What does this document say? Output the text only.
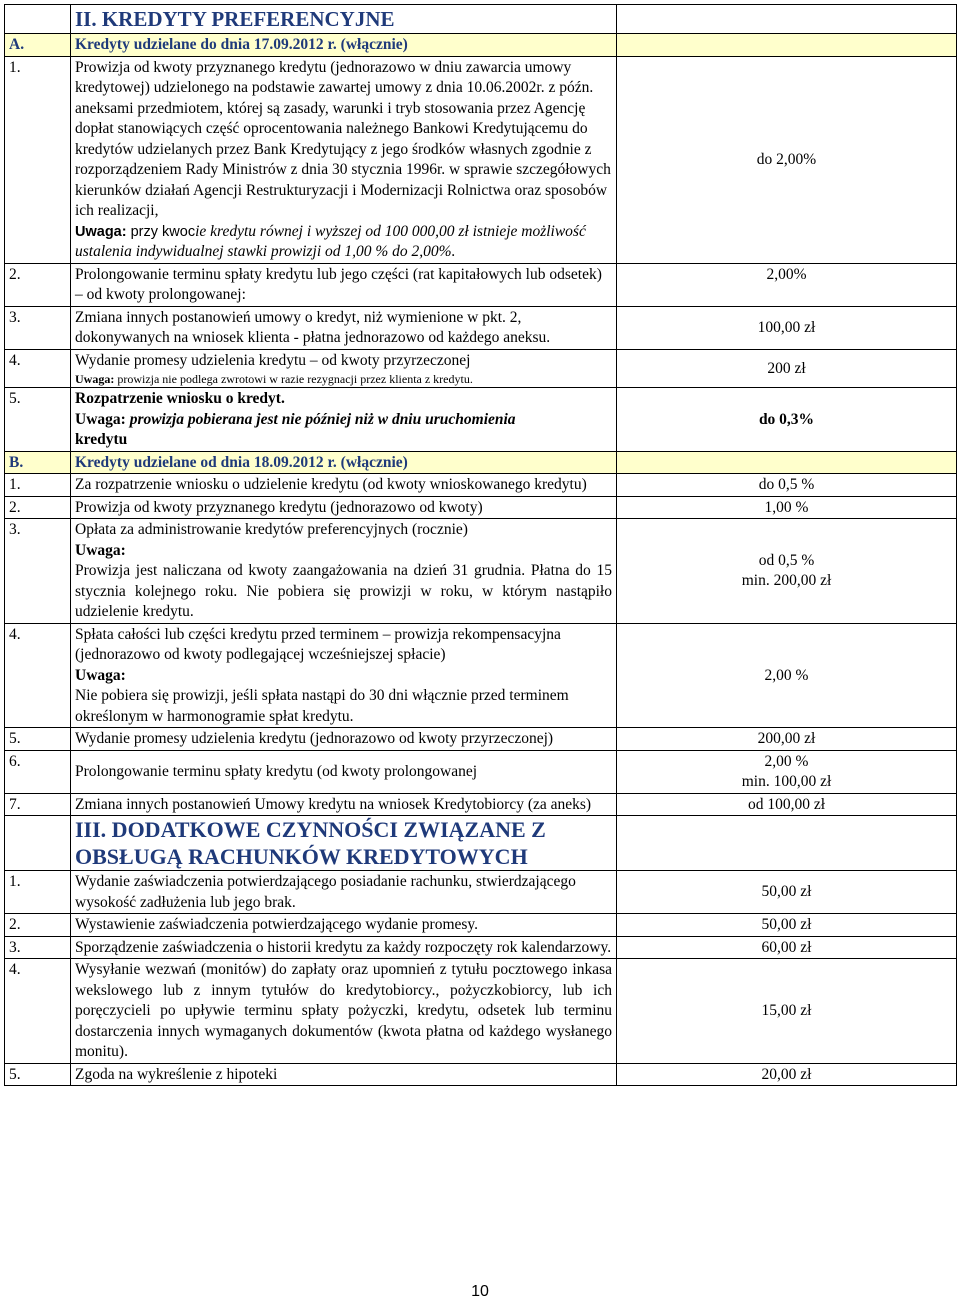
	II. KREDYTY PREFERENCYJNE	
A.	Kredyty udzielane do dnia 17.09.2012 r. (włącznie)	
1.	Prowizja od kwoty przyznanego kredytu (jednorazowo w dniu zawarcia umowy kredytowej) udzielonego na podstawie zawartej umowy z dnia 10.06.2002r. z późn. aneksami przedmiotem, której są zasady, warunki i tryb stosowania przez Agencję dopłat stanowiących część oprocentowania należnego Bankowi Kredytującemu do kredytów udzielanych przez Bank Kredytujący z jego środków własnych zgodnie z rozporządzeniem Rady Ministrów z dnia 30 stycznia 1996r. w sprawie szczegółowych kierunków działań Agencji Restrukturyzacji i Modernizacji Rolnictwa oraz sposobów ich realizacji,
Uwaga: przy kwocie kredytu równej i wyższej od 100 000,00 zł istnieje możliwość ustalenia indywidualnej stawki prowizji od 1,00 % do 2,00%.	do 2,00%
2.	Prolongowanie terminu spłaty kredytu lub jego części (rat kapitałowych lub odsetek) – od kwoty prolongowanej:	2,00%
3.	Zmiana innych postanowień umowy o kredyt, niż wymienione w pkt. 2, dokonywanych na wniosek klienta - płatna jednorazowo od każdego aneksu.	100,00 zł
4.	Wydanie promesy udzielenia kredytu – od kwoty przyrzeczonej
Uwaga: prowizja nie podlega zwrotowi w razie rezygnacji przez klienta z kredytu.	200 zł
5.	Rozpatrzenie wniosku o kredyt.
Uwaga: prowizja pobierana jest nie później niż w dniu uruchomienia
kredytu	do 0,3%
B.	Kredyty udzielane od dnia 18.09.2012 r. (włącznie)	
1.	Za rozpatrzenie wniosku o udzielenie kredytu (od kwoty wnioskowanego kredytu)	do 0,5 %
2.	Prowizja od kwoty przyznanego kredytu (jednorazowo od kwoty)	1,00 %
3.	Opłata za administrowanie kredytów preferencyjnych (rocznie)
Uwaga:
Prowizja jest naliczana od kwoty zaangażowania na dzień 31 grudnia. Płatna do 15 stycznia kolejnego roku. Nie pobiera się prowizji w roku, w którym nastąpiło udzielenie kredytu.	od 0,5 %
min. 200,00 zł

4.	Spłata całości lub części kredytu przed terminem – prowizja rekompensacyjna (jednorazowo od kwoty podlegającej wcześniejszej spłacie)
Uwaga:
Nie pobiera się prowizji, jeśli spłata nastąpi do 30 dni włącznie przed terminem określonym w harmonogramie spłat kredytu.	2,00 %
5.	Wydanie promesy udzielenia kredytu (jednorazowo od kwoty przyrzeczonej)	200,00 zł
6.	Prolongowanie terminu spłaty kredytu (od kwoty prolongowanej	2,00 %
min. 100,00 zł

7.	Zmiana innych postanowień Umowy kredytu na wniosek Kredytobiorcy (za aneks)	od 100,00 zł
	III. DODATKOWE CZYNNOŚCI ZWIĄZANE Z OBSŁUGĄ RACHUNKÓW KREDYTOWYCH	
1.	Wydanie zaświadczenia potwierdzającego posiadanie rachunku, stwierdzającego wysokość zadłużenia lub jego brak.	50,00 zł
2.	Wystawienie zaświadczenia potwierdzającego wydanie promesy.	50,00 zł
3.	Sporządzenie zaświadczenia o historii kredytu za każdy rozpoczęty rok kalendarzowy.	60,00 zł
4.	Wysyłanie wezwań (monitów) do zapłaty oraz upomnień z tytułu pocztowego inkasa wekslowego lub z innym tytułów do kredytobiorcy., pożyczkobiorcy, lub ich poręczycieli po upływie terminu spłaty pożyczki, kredytu, odsetek lub terminu dostarczenia innych wymaganych dokumentów (kwota płatna od każdego wysłanego monitu).	15,00 zł
5.	Zgoda na wykreślenie z hipoteki	20,00 zł
10
